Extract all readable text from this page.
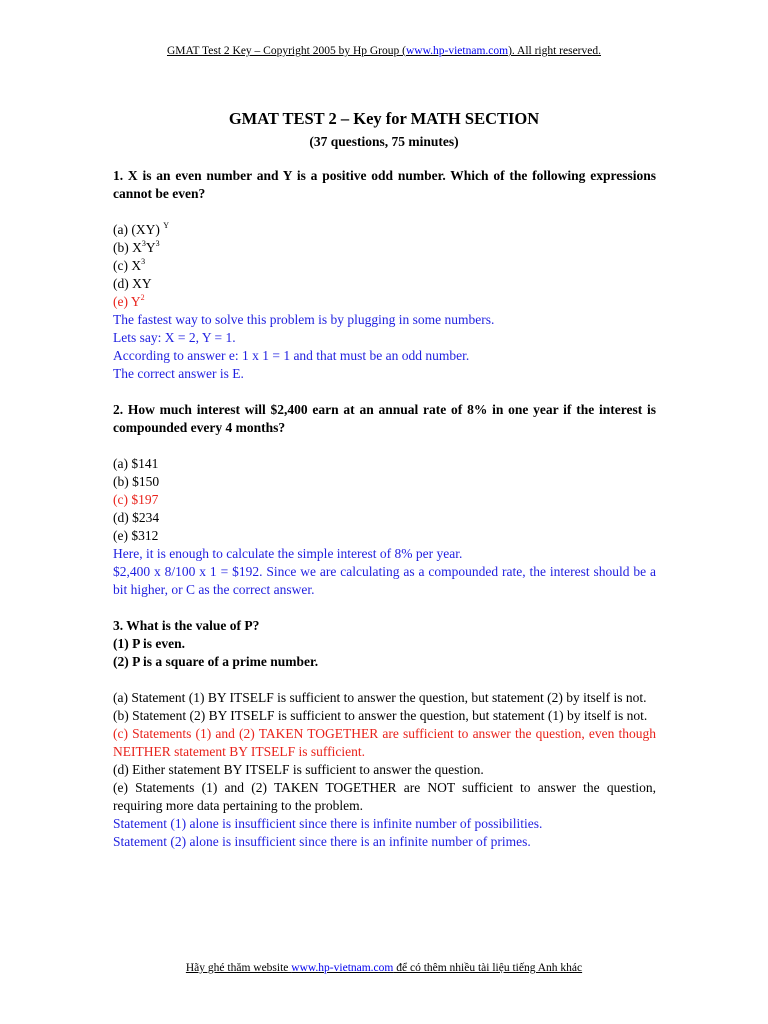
GMAT Test 2 Key – Copyright 2005 by Hp Group (www.hp-vietnam.com). All right reserved.
GMAT TEST 2 – Key for MATH SECTION
(37 questions, 75 minutes)
1. X is an even number and Y is a positive odd number. Which of the following expressions cannot be even?
(a) (XY) $^Y$
(b) $X^3Y^3$
(c) $X^3$
(d) XY
(e) $Y^2$
The fastest way to solve this problem is by plugging in some numbers.
Lets say: X = 2, Y = 1.
According to answer e: 1 x 1 = 1 and that must be an odd number.
The correct answer is E.
2. How much interest will $2,400 earn at an annual rate of 8% in one year if the interest is compounded every 4 months?
(a) $141
(b) $150
(c) $197
(d) $234
(e) $312
Here, it is enough to calculate the simple interest of 8% per year.
$2,400 x 8/100 x 1 = $192. Since we are calculating as a compounded rate, the interest should be a bit higher, or C as the correct answer.
3. What is the value of P?
(1) P is even.
(2) P is a square of a prime number.
(a) Statement (1) BY ITSELF is sufficient to answer the question, but statement (2) by itself is not.
(b) Statement (2) BY ITSELF is sufficient to answer the question, but statement (1) by itself is not.
(c) Statements (1) and (2) TAKEN TOGETHER are sufficient to answer the question, even though NEITHER statement BY ITSELF is sufficient.
(d) Either statement BY ITSELF is sufficient to answer the question.
(e) Statements (1) and (2) TAKEN TOGETHER are NOT sufficient to answer the question, requiring more data pertaining to the problem.
Statement (1) alone is insufficient since there is infinite number of possibilities.
Statement (2) alone is insufficient since there is an infinite number of primes.
Hãy ghé thăm website www.hp-vietnam.com để có thêm nhiều tài liệu tiếng Anh khác
